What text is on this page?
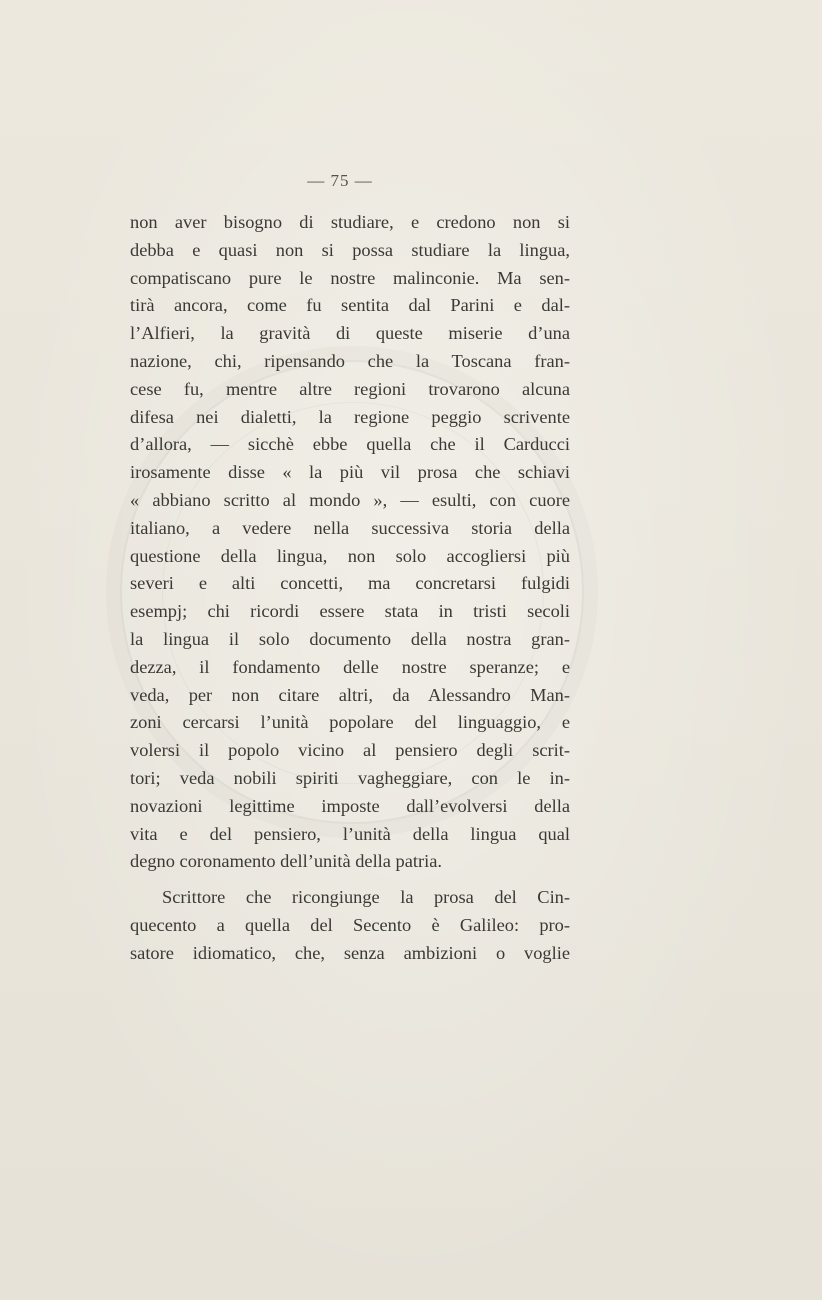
— 75 —
non aver bisogno di studiare, e credono non si
debba e quasi non si possa studiare la lingua,
compatiscano pure le nostre malinconie. Ma sen-
tirà ancora, come fu sentita dal Parini e dal-
l’Alfieri, la gravità di queste miserie d’una
nazione, chi, ripensando che la Toscana fran-
cese fu, mentre altre regioni trovarono alcuna
difesa nei dialetti, la regione peggio scrivente
d’allora, — sicchè ebbe quella che il Carducci
irosamente disse « la più vil prosa che schiavi
« abbiano scritto al mondo », — esulti, con cuore
italiano, a vedere nella successiva storia della
questione della lingua, non solo accogliersi più
severi e alti concetti, ma concretarsi fulgidi
esempj; chi ricordi essere stata in tristi secoli
la lingua il solo documento della nostra gran-
dezza, il fondamento delle nostre speranze; e
veda, per non citare altri, da Alessandro Man-
zoni cercarsi l’unità popolare del linguaggio, e
volersi il popolo vicino al pensiero degli scrit-
tori; veda nobili spiriti vagheggiare, con le in-
novazioni legittime imposte dall’evolversi della
vita e del pensiero, l’unità della lingua qual
degno coronamento dell’unità della patria.
Scrittore che ricongiunge la prosa del Cin-
quecento a quella del Secento è Galileo: pro-
satore idiomatico, che, senza ambizioni o voglie
